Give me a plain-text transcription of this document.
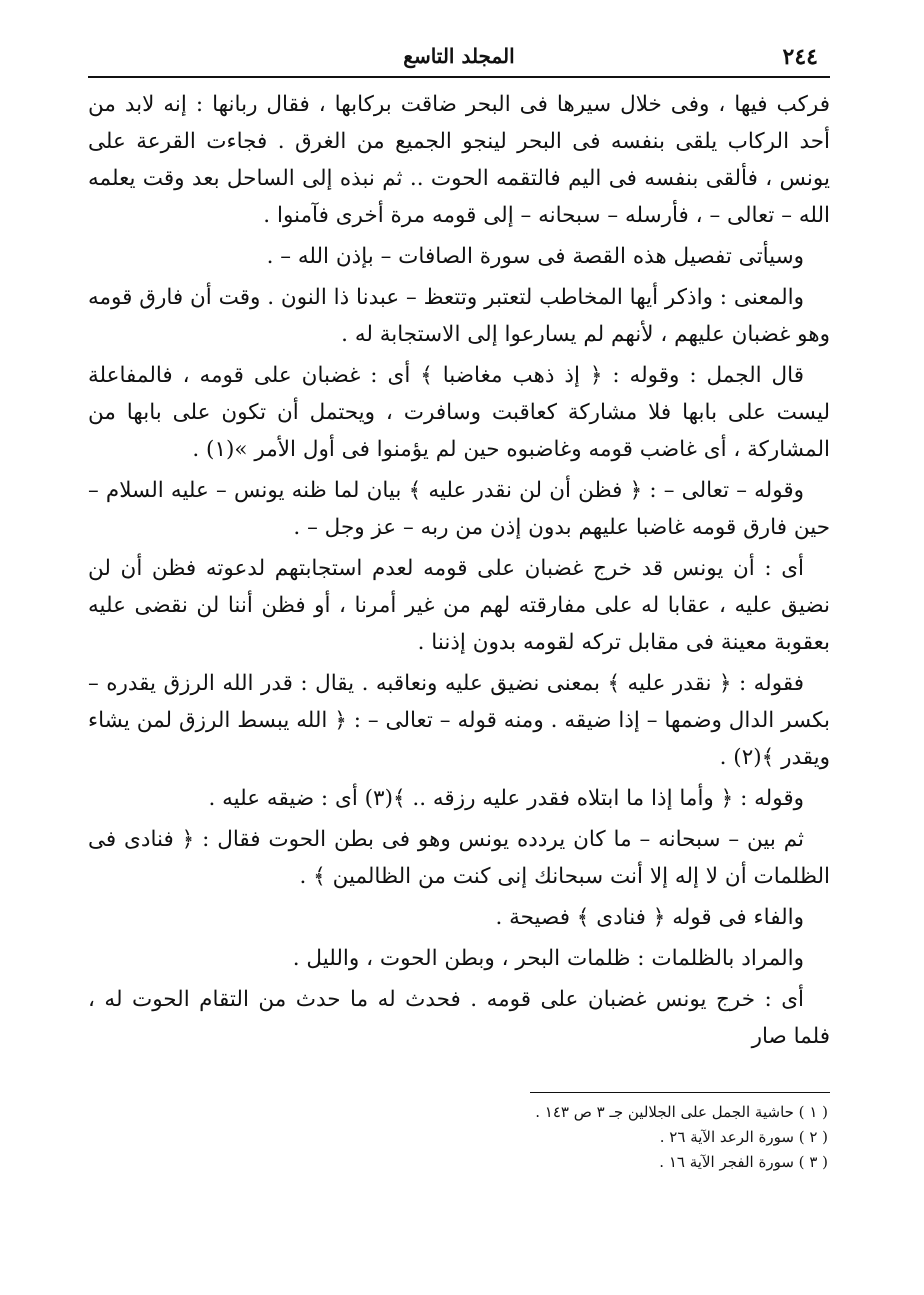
٢٤٤
المجلد التاسع

فركب فيها ، وفى خلال سيرها فى البحر ضاقت بركابها ، فقال ربانها : إنه لابد من أحد الركاب يلقى بنفسه فى البحر لينجو الجميع من الغرق . فجاءت القرعة على يونس ، فألقى بنفسه فى اليم فالتقمه الحوت .. ثم نبذه إلى الساحل بعد وقت يعلمه الله – تعالى – ، فأرسله – سبحانه – إلى قومه مرة أخرى فآمنوا .

وسيأتى تفصيل هذه القصة فى سورة الصافات – بإذن الله – .

والمعنى : واذكر أيها المخاطب لتعتبر وتتعظ – عبدنا ذا النون . وقت أن فارق قومه وهو غضبان عليهم ، لأنهم لم يسارعوا إلى الاستجابة له .

قال الجمل : وقوله : ﴿ إذ ذهب مغاضبا ﴾ أى : غضبان على قومه ، فالمفاعلة ليست على بابها فلا مشاركة كعاقبت وسافرت ، ويحتمل أن تكون على بابها من المشاركة ، أى غاضب قومه وغاضبوه حين لم يؤمنوا فى أول الأمر »(١) .

وقوله – تعالى – : ﴿ فظن أن لن نقدر عليه ﴾ بيان لما ظنه يونس – عليه السلام – حين فارق قومه غاضبا عليهم بدون إذن من ربه – عز وجل – .

أى : أن يونس قد خرج غضبان على قومه لعدم استجابتهم لدعوته فظن أن لن نضيق عليه ، عقابا له على مفارقته لهم من غير أمرنا ، أو فظن أننا لن نقضى عليه بعقوبة معينة فى مقابل تركه لقومه بدون إذننا .

فقوله : ﴿ نقدر عليه ﴾ بمعنى نضيق عليه ونعاقبه . يقال : قدر الله الرزق يقدره – بكسر الدال وضمها – إذا ضيقه . ومنه قوله – تعالى – : ﴿ الله يبسط الرزق لمن يشاء ويقدر ﴾(٢) .

وقوله : ﴿ وأما إذا ما ابتلاه فقدر عليه رزقه .. ﴾(٣) أى : ضيقه عليه .

ثم بين – سبحانه – ما كان يردده يونس وهو فى بطن الحوت فقال : ﴿ فنادى فى الظلمات أن لا إله إلا أنت سبحانك إنى كنت من الظالمين ﴾ .

والفاء فى قوله ﴿ فنادى ﴾ فصيحة .

والمراد بالظلمات : ظلمات البحر ، وبطن الحوت ، والليل .

أى : خرج يونس غضبان على قومه . فحدث له ما حدث من التقام الحوت له ، فلما صار

( ١ ) حاشية الجمل على الجلالين جـ ٣ ص ١٤٣ .
( ٢ ) سورة الرعد الآية ٢٦ .
( ٣ ) سورة الفجر الآية ١٦ .
